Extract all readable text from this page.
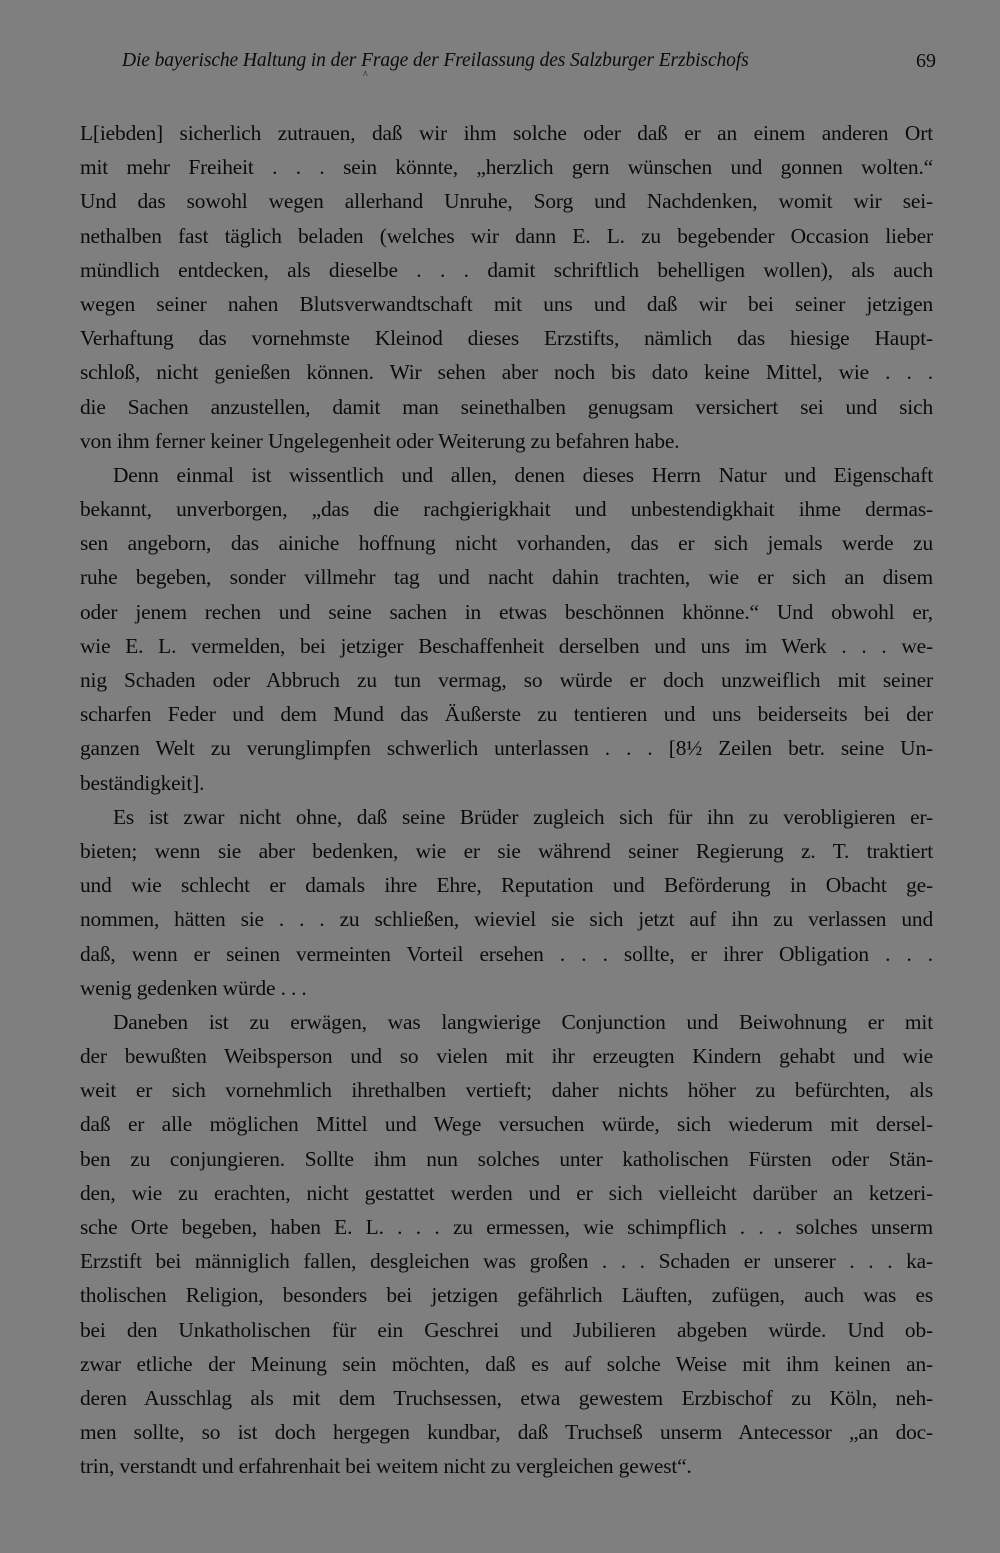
Die bayerische Haltung in der Frage der Freilassung des Salzburger Erzbischofs
^
69
L[iebden] sicherlich zutrauen, daß wir ihm solche oder daß er an einem anderen Ort
mit mehr Freiheit . . . sein könnte, „herzlich gern wünschen und gonnen wolten.“
Und das sowohl wegen allerhand Unruhe, Sorg und Nachdenken, womit wir sei-
nethalben fast täglich beladen (welches wir dann E. L. zu begebender Occasion lieber
mündlich entdecken, als dieselbe . . . damit schriftlich behelligen wollen), als auch
wegen seiner nahen Blutsverwandtschaft mit uns und daß wir bei seiner jetzigen
Verhaftung das vornehmste Kleinod dieses Erzstifts, nämlich das hiesige Haupt-
schloß, nicht genießen können. Wir sehen aber noch bis dato keine Mittel, wie . . .
die Sachen anzustellen, damit man seinethalben genugsam versichert sei und sich
von ihm ferner keiner Ungelegenheit oder Weiterung zu befahren habe.
Denn einmal ist wissentlich und allen, denen dieses Herrn Natur und Eigenschaft
bekannt, unverborgen, „das die rachgierigkhait und unbestendigkhait ihme dermas-
sen angeborn, das ainiche hoffnung nicht vorhanden, das er sich jemals werde zu
ruhe begeben, sonder villmehr tag und nacht dahin trachten, wie er sich an disem
oder jenem rechen und seine sachen in etwas beschönnen khönne.“ Und obwohl er,
wie E. L. vermelden, bei jetziger Beschaffenheit derselben und uns im Werk . . . we-
nig Schaden oder Abbruch zu tun vermag, so würde er doch unzweiflich mit seiner
scharfen Feder und dem Mund das Äußerste zu tentieren und uns beiderseits bei der
ganzen Welt zu verunglimpfen schwerlich unterlassen . . . [8½ Zeilen betr. seine Un-
beständigkeit].
Es ist zwar nicht ohne, daß seine Brüder zugleich sich für ihn zu verobligieren er-
bieten; wenn sie aber bedenken, wie er sie während seiner Regierung z. T. traktiert
und wie schlecht er damals ihre Ehre, Reputation und Beförderung in Obacht ge-
nommen, hätten sie . . . zu schließen, wieviel sie sich jetzt auf ihn zu verlassen und
daß, wenn er seinen vermeinten Vorteil ersehen . . . sollte, er ihrer Obligation . . .
wenig gedenken würde . . .
Daneben ist zu erwägen, was langwierige Conjunction und Beiwohnung er mit
der bewußten Weibsperson und so vielen mit ihr erzeugten Kindern gehabt und wie
weit er sich vornehmlich ihrethalben vertieft; daher nichts höher zu befürchten, als
daß er alle möglichen Mittel und Wege versuchen würde, sich wiederum mit dersel-
ben zu conjungieren. Sollte ihm nun solches unter katholischen Fürsten oder Stän-
den, wie zu erachten, nicht gestattet werden und er sich vielleicht darüber an ketzeri-
sche Orte begeben, haben E. L. . . . zu ermessen, wie schimpflich . . . solches unserm
Erzstift bei männiglich fallen, desgleichen was großen . . . Schaden er unserer . . . ka-
tholischen Religion, besonders bei jetzigen gefährlich Läuften, zufügen, auch was es
bei den Unkatholischen für ein Geschrei und Jubilieren abgeben würde. Und ob-
zwar etliche der Meinung sein möchten, daß es auf solche Weise mit ihm keinen an-
deren Ausschlag als mit dem Truchsessen, etwa gewestem Erzbischof zu Köln, neh-
men sollte, so ist doch hergegen kundbar, daß Truchseß unserm Antecessor „an doc-
trin, verstandt und erfahrenhait bei weitem nicht zu vergleichen gewest“.
